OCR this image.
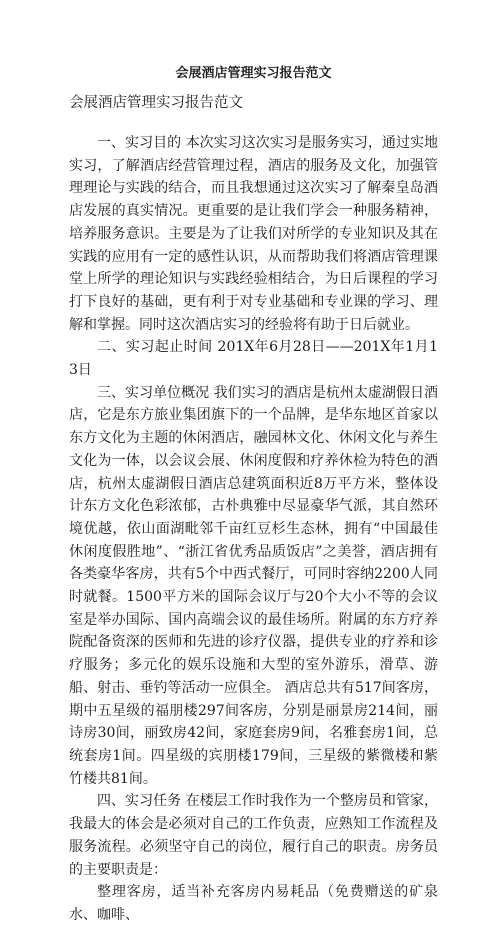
会展酒店管理实习报告范文
会展酒店管理实习报告范文

一、实习目的 本次实习这次实习是服务实习，通过实地实习，了解酒店经营管理过程，酒店的服务及文化，加强管理理论与实践的结合，而且我想通过这次实习了解秦皇岛酒店发展的真实情况。更重要的是让我们学会一种服务精神，培养服务意识。主要是为了让我们对所学的专业知识及其在实践的应用有一定的感性认识，从而帮助我们将酒店管理课堂上所学的理论知识与实践经验相结合，为日后课程的学习打下良好的基础，更有利于对专业基础和专业课的学习、理解和掌握。同时这次酒店实习的经验将有助于日后就业。

二、实习起止时间 201X年6月28日——201X年1月13日

三、实习单位概况 我们实习的酒店是杭州太虚湖假日酒店，它是东方旅业集团旗下的一个品牌，是华东地区首家以东方文化为主题的休闲酒店，融园林文化、休闲文化与养生文化为一体，以会议会展、休闲度假和疗养休检为特色的酒店，杭州太虚湖假日酒店总建筑面积近8万平方米，整体设计东方文化色彩浓郁，古朴典雅中尽显豪华气派，其自然环境优越，依山面湖毗邻千亩红豆杉生态林，拥有“中国最佳休闲度假胜地”、“浙江省优秀品质饭店”之美誉，酒店拥有各类豪华客房，共有5个中西式餐厅，可同时容纳2200人同时就餐。1500平方米的国际会议厅与20个大小不等的会议室是举办国际、国内高端会议的最佳场所。附属的东方疗养院配备资深的医师和先进的诊疗仪器，提供专业的疗养和诊疗服务；多元化的娱乐设施和大型的室外游乐，滑草、游船、射击、垂钓等活动一应俱全。 酒店总共有517间客房，期中五星级的福朋楼297间客房，分别是丽景房214间，丽诗房30间，丽致房42间，家庭套房9间，名雅套房1间，总统套房1间。四星级的宾朋楼179间，三星级的紫微楼和紫竹楼共81间。

四、实习任务 在楼层工作时我作为一个整房员和管家，我最大的体会是必须对自己的工作负责，应熟知工作流程及服务流程。必须坚守自己的岗位，履行自己的职责。房务员的主要职责是：

整理客房，适当补充客房内易耗品（免费赠送的矿泉水、咖啡、
